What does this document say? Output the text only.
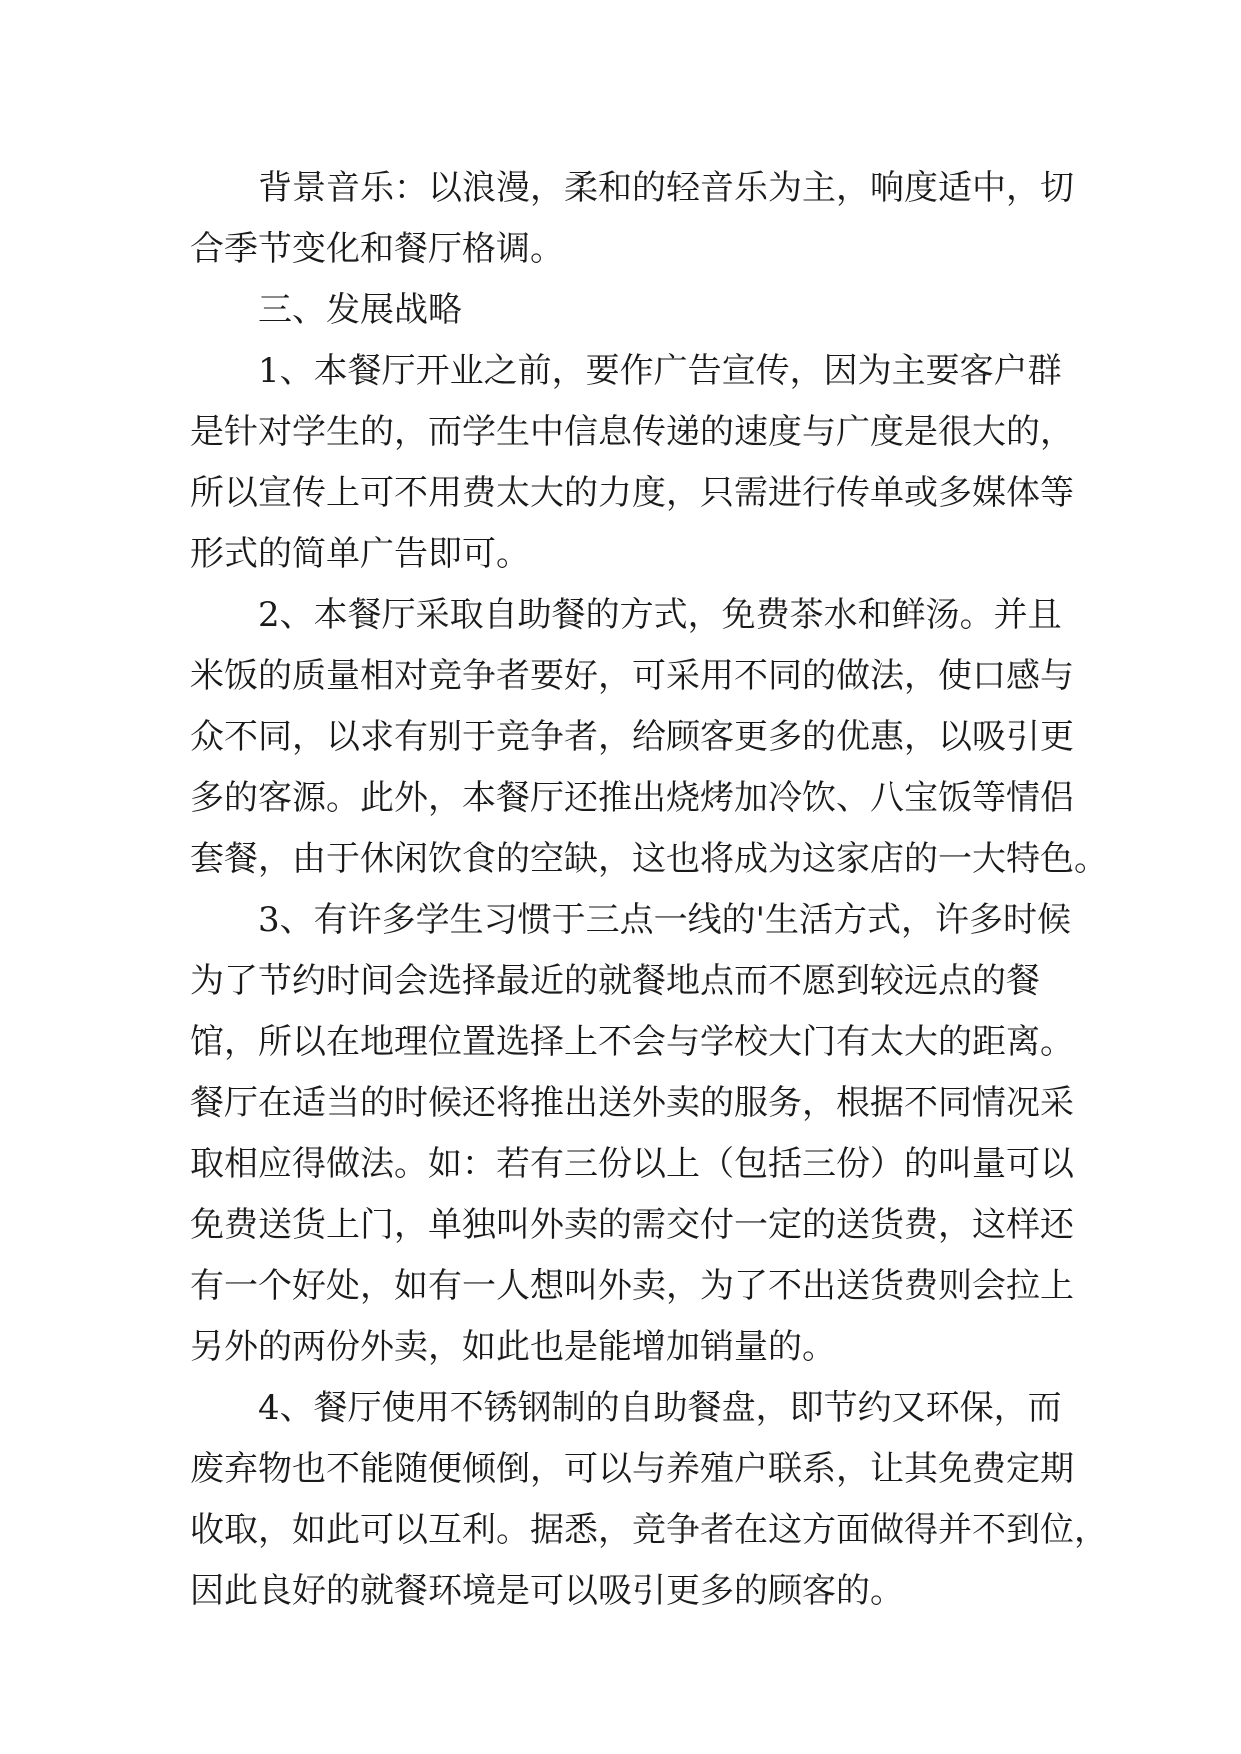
背景音乐：以浪漫，柔和的轻音乐为主，响度适中，切
合季节变化和餐厅格调。
三、发展战略
1、本餐厅开业之前，要作广告宣传，因为主要客户群
是针对学生的，而学生中信息传递的速度与广度是很大的，
所以宣传上可不用费太大的力度，只需进行传单或多媒体等
形式的简单广告即可。
2、本餐厅采取自助餐的方式，免费茶水和鲜汤。并且
米饭的质量相对竞争者要好，可采用不同的做法，使口感与
众不同，以求有别于竞争者，给顾客更多的优惠，以吸引更
多的客源。此外，本餐厅还推出烧烤加冷饮、八宝饭等情侣
套餐，由于休闲饮食的空缺，这也将成为这家店的一大特色。
3、有许多学生习惯于三点一线的'生活方式，许多时候
为了节约时间会选择最近的就餐地点而不愿到较远点的餐
馆，所以在地理位置选择上不会与学校大门有太大的距离。
餐厅在适当的时候还将推出送外卖的服务，根据不同情况采
取相应得做法。如：若有三份以上（包括三份）的叫量可以
免费送货上门，单独叫外卖的需交付一定的送货费，这样还
有一个好处，如有一人想叫外卖，为了不出送货费则会拉上
另外的两份外卖，如此也是能增加销量的。
4、餐厅使用不锈钢制的自助餐盘，即节约又环保，而
废弃物也不能随便倾倒，可以与养殖户联系，让其免费定期
收取，如此可以互利。据悉，竞争者在这方面做得并不到位，
因此良好的就餐环境是可以吸引更多的顾客的。
